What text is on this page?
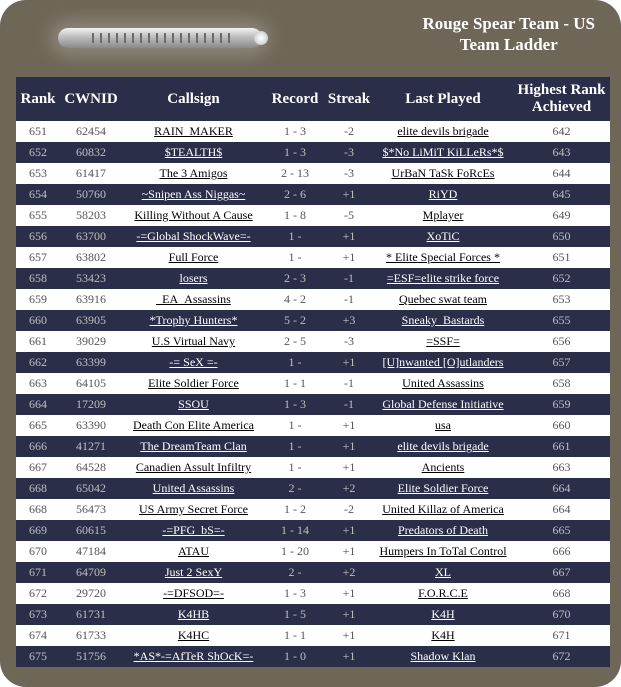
Rouge Spear Team - US
Team Ladder
Rank	CWNID	Callsign	Record	Streak	Last Played	Highest Rank Achieved
651	62454	RAIN_MAKER	1 - 3	-2	elite devils brigade	642
652	60832	$TEALTH$	1 - 3	-3	$*No LiMiT KiLLeRs*$	643
653	61417	The 3 Amigos	2 - 13	-3	UrBaN TaSk FoRcEs	644
654	50760	~Snipen Ass Niggas~	2 - 6	+1	RiYD	645
655	58203	Killing Without A Cause	1 - 8	-5	Mplayer	649
656	63700	-=Global ShockWave=-	1 -	+1	XoTiC	650
657	63802	Full Force	1 -	+1	* Elite Special Forces *	651
658	53423	losers	2 - 3	-1	=ESF=elite strike force	652
659	63916	_EA_Assassins	4 - 2	-1	Quebec swat team	653
660	63905	*Trophy Hunters*	5 - 2	+3	Sneaky_Bastards	655
661	39029	U.S Virtual Navy	2 - 5	-3	=SSF=	656
662	63399	-= SeX =-	1 -	+1	[U]nwanted [O]utlanders	657
663	64105	Elite Soldier Force	1 - 1	-1	United Assassins	658
664	17209	SSOU	1 - 3	-1	Global Defense Initiative	659
665	63390	Death Con Elite America	1 -	+1	usa	660
666	41271	The DreamTeam Clan	1 -	+1	elite devils brigade	661
667	64528	Canadien Assult Infiltry	1 -	+1	Ancients	663
668	65042	United Assassins	2 -	+2	Elite Soldier Force	664
668	56473	US Army Secret Force	1 - 2	-2	United Killaz of America	664
669	60615	-=PFG_bS=-	1 - 14	+1	Predators of Death	665
670	47184	ATAU	1 - 20	+1	Humpers In ToTal Control	666
671	64709	Just 2 SexY	2 -	+2	XL	667
672	29720	-=DFSOD=-	1 - 3	+1	F.O.R.C.E	668
673	61731	K4HB	1 - 5	+1	K4H	670
674	61733	K4HC	1 - 1	+1	K4H	671
675	51756	*AS*-=AfTeR ShOcK=-	1 - 0	+1	Shadow Klan	672
